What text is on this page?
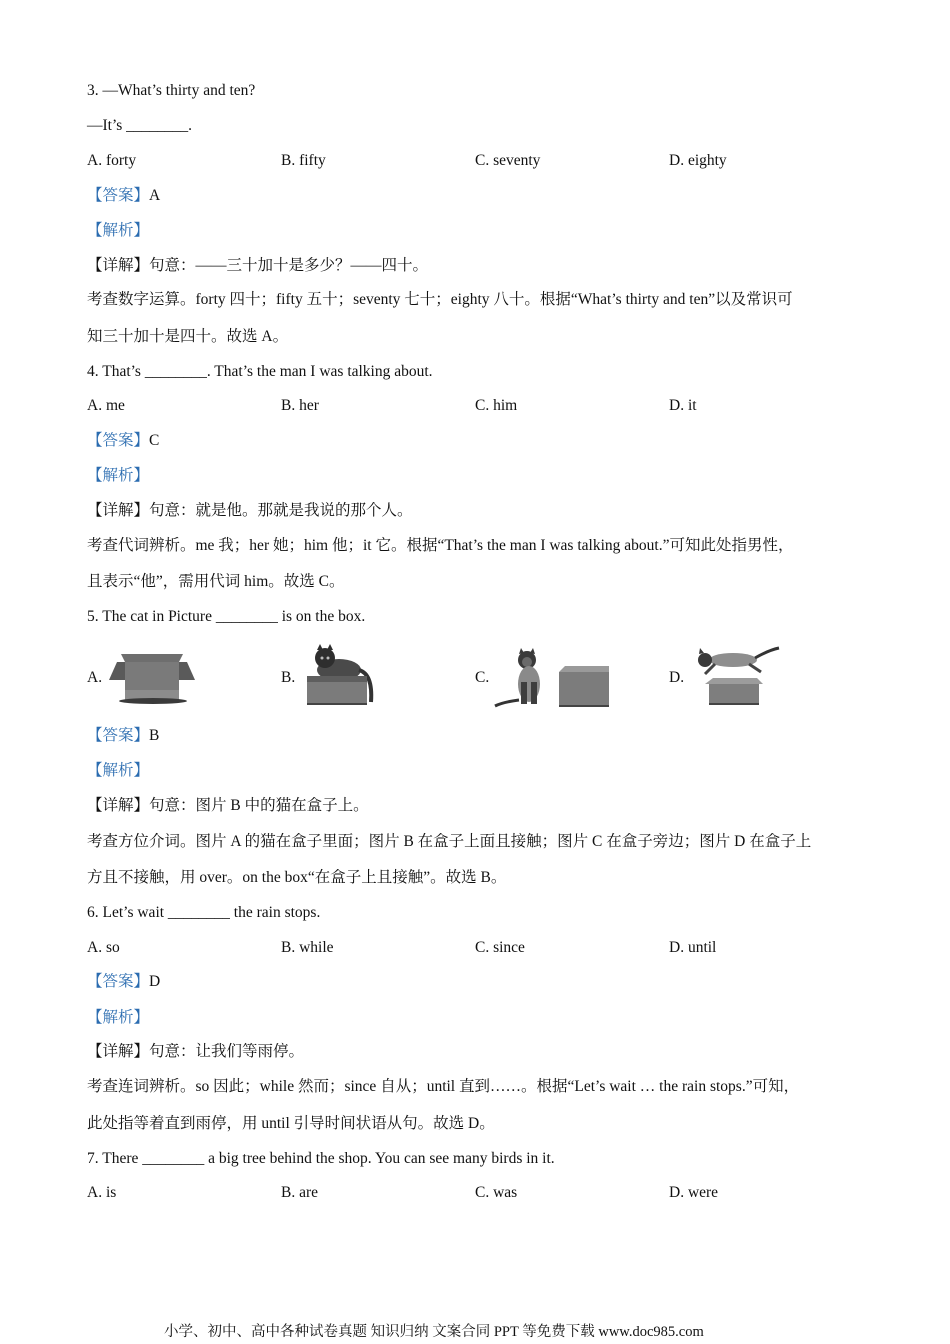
3. —What’s thirty and ten?
—It’s ________.
A. forty	B. fifty	C. seventy	D. eighty
【答案】A
【解析】
【详解】句意：——三十加十是多少？——四十。
考查数字运算。forty 四十；fifty 五十；seventy 七十；eighty 八十。根据“What’s thirty and ten”以及常识可
知三十加十是四十。故选 A。
4. That’s ________. That’s the man I was talking about.
A. me	B. her	C. him	D. it
【答案】C
【解析】
【详解】句意：就是他。那就是我说的那个人。
考查代词辨析。me 我；her 她；him 他；it 它。根据“That’s the man I was talking about.”可知此处指男性，
且表示“他”，需用代词 him。故选 C。
5. The cat in Picture ________ is on the box.
A.	B.	C.	D.
【答案】B
【解析】
【详解】句意：图片 B 中的猫在盒子上。
考查方位介词。图片 A 的猫在盒子里面；图片 B 在盒子上面且接触；图片 C 在盒子旁边；图片 D 在盒子上
方且不接触，用 over。on the box“在盒子上且接触”。故选 B。
6. Let’s wait ________ the rain stops.
A. so	B. while	C. since	D. until
【答案】D
【解析】
【详解】句意：让我们等雨停。
考查连词辨析。so 因此；while 然而；since 自从；until 直到……。根据“Let’s wait … the rain stops.”可知，
此处指等着直到雨停，用 until 引导时间状语从句。故选 D。
7. There ________ a big tree behind the shop. You can see many birds in it.
A. is	B. are	C. was	D. were
小学、初中、高中各种试卷真题 知识归纳 文案合同 PPT 等免费下载 www.doc985.com
